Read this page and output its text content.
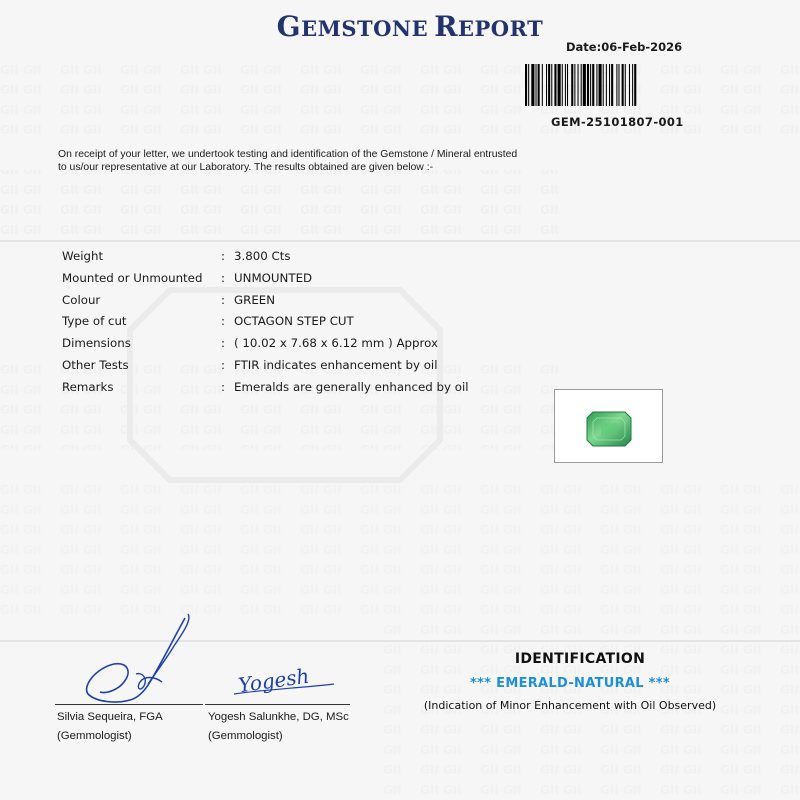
GEMSTONE REPORT
Date:06-Feb-2026
GEM-25101807-001
On receipt of your letter, we undertook testing and identification of the Gemstone / Mineral entrusted to us/our representative at our Laboratory. The results obtained are given below :-
Weight	: 3.800 Cts
Mounted or Unmounted : UNMOUNTED
Colour	: GREEN
Type of cut	: OCTAGON STEP CUT
Dimensions	: ( 10.02 x 7.68 x 6.12 mm ) Approx
Other Tests	: FTIR indicates enhancement by oil
Remarks	: Emeralds are generally enhanced by oil
IDENTIFICATION
*** EMERALD-NATURAL ***
(Indication of Minor Enhancement with Oil Observed)
Silvia Sequeira, FGA
(Gemmologist)
Yogesh
Yogesh Salunkhe, DG, MSc
(Gemmologist)
